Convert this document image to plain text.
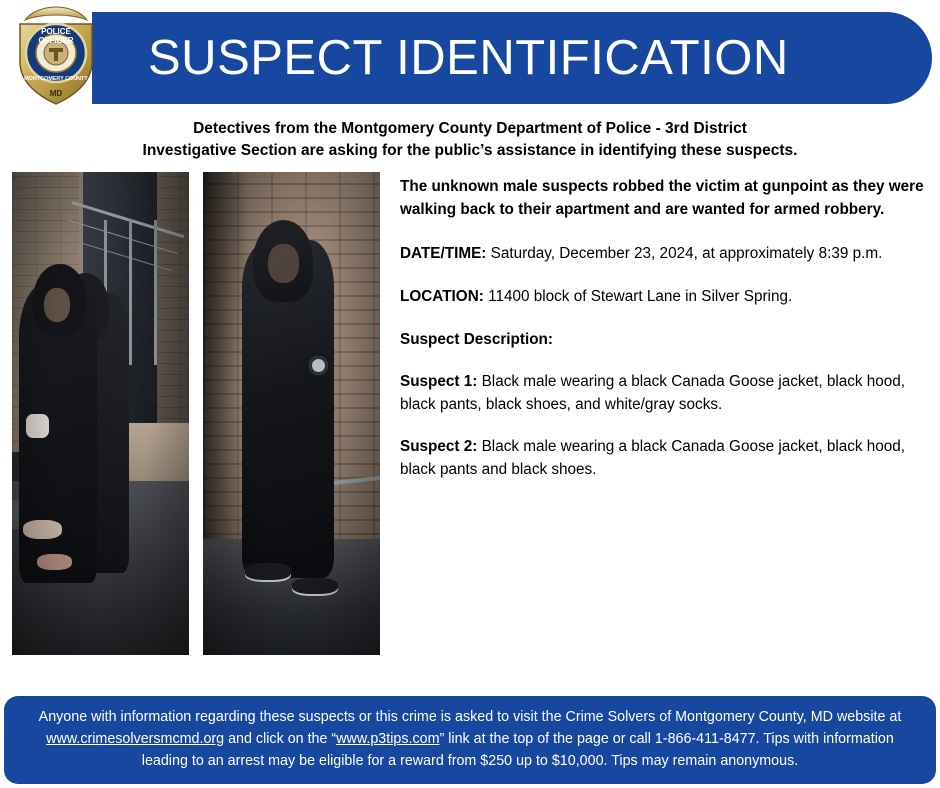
SUSPECT IDENTIFICATION
POLICE
OFFICER
MONTGOMERY COUNTY
MD
Detectives from the Montgomery County Department of Police - 3rd District
Investigative Section are asking for the public’s assistance in identifying these suspects.

The unknown male suspects robbed the victim at gunpoint as they were walking back to their apartment and are wanted for armed robbery.

DATE/TIME: Saturday, December 23, 2024, at approximately 8:39 p.m.

LOCATION: 11400 block of Stewart Lane in Silver Spring.

Suspect Description:

Suspect 1: Black male wearing a black Canada Goose jacket, black hood, black pants, black shoes, and white/gray socks.

Suspect 2: Black male wearing a black Canada Goose jacket, black hood, black pants and black shoes.

Anyone with information regarding these suspects or this crime is asked to visit the Crime Solvers of Montgomery County, MD website at www.crimesolversmcmd.org and click on the “www.p3tips.com” link at the top of the page or call 1-866-411-8477. Tips with information leading to an arrest may be eligible for a reward from $250 up to $10,000. Tips may remain anonymous.
